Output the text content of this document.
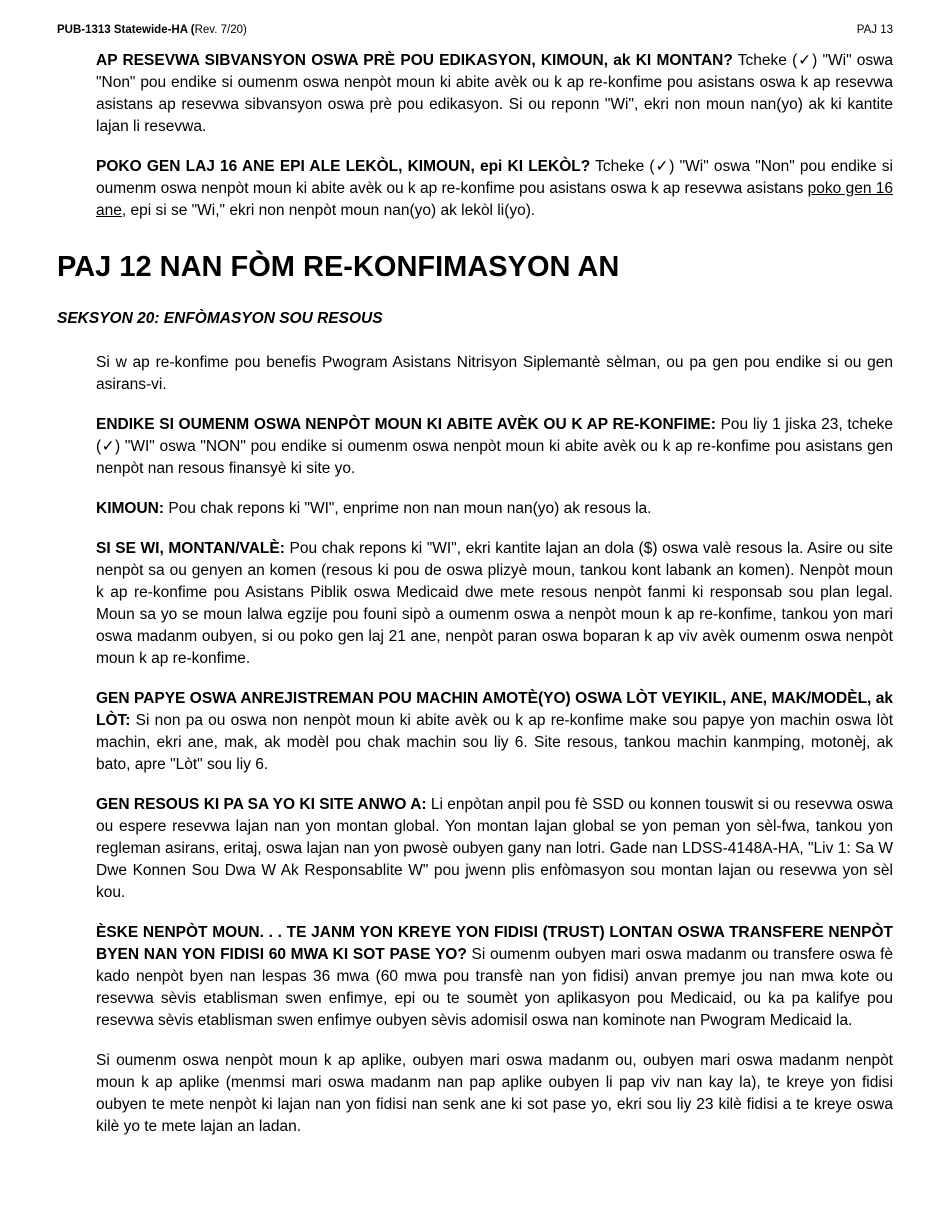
PUB-1313 Statewide-HA (Rev. 7/20)	PAJ 13

AP RESEVWA SIBVANSYON OSWA PRÈ POU EDIKASYON, KIMOUN, ak KI MONTAN? Tcheke (✓) "Wi" oswa "Non" pou endike si oumenm oswa nenpòt moun ki abite avèk ou k ap re-konfime pou asistans oswa k ap resevwa asistans ap resevwa sibvansyon oswa prè pou edikasyon. Si ou reponn "Wi", ekri non moun nan(yo) ak ki kantite lajan li resevwa.

POKO GEN LAJ 16 ANE EPI ALE LEKÒL, KIMOUN, epi KI LEKÒL? Tcheke (✓) "Wi" oswa "Non" pou endike si oumenm oswa nenpòt moun ki abite avèk ou k ap re-konfime pou asistans oswa k ap resevwa asistans poko gen 16 ane, epi si se "Wi," ekri non nenpòt moun nan(yo) ak lekòl li(yo).

PAJ 12 NAN FÒM RE-KONFIMASYON AN
SEKSYON 20: ENFÒMASYON SOU RESOUS

Si w ap re-konfime pou benefis Pwogram Asistans Nitrisyon Siplemantè sèlman, ou pa gen pou endike si ou gen asirans-vi.

ENDIKE SI OUMENM OSWA NENPÒT MOUN KI ABITE AVÈK OU K AP RE-KONFIME: Pou liy 1 jiska 23, tcheke (✓) "WI" oswa "NON" pou endike si oumenm oswa nenpòt moun ki abite avèk ou k ap re-konfime pou asistans gen nenpòt nan resous finansyè ki site yo.

KIMOUN: Pou chak repons ki "WI", enprime non nan moun nan(yo) ak resous la.

SI SE WI, MONTAN/VALÈ: Pou chak repons ki "WI", ekri kantite lajan an dola ($) oswa valè resous la. Asire ou site nenpòt sa ou genyen an komen (resous ki pou de oswa plizyè moun, tankou kont labank an komen). Nenpòt moun k ap re-konfime pou Asistans Piblik oswa Medicaid dwe mete resous nenpòt fanmi ki responsab sou plan legal. Moun sa yo se moun lalwa egzije pou founi sipò a oumenm oswa a nenpòt moun k ap re-konfime, tankou yon mari oswa madanm oubyen, si ou poko gen laj 21 ane, nenpòt paran oswa boparan k ap viv avèk oumenm oswa nenpòt moun k ap re-konfime.

GEN PAPYE OSWA ANREJISTREMAN POU MACHIN AMOTÈ(YO) OSWA LÒT VEYIKIL, ANE, MAK/MODÈL, ak LÒT: Si non pa ou oswa non nenpòt moun ki abite avèk ou k ap re-konfime make sou papye yon machin oswa lòt machin, ekri ane, mak, ak modèl pou chak machin sou liy 6. Site resous, tankou machin kanmping, motonèj, ak bato, apre "Lòt" sou liy 6.

GEN RESOUS KI PA SA YO KI SITE ANWO A: Li enpòtan anpil pou fè SSD ou konnen touswit si ou resevwa oswa ou espere resevwa lajan nan yon montan global. Yon montan lajan global se yon peman yon sèl-fwa, tankou yon regleman asirans, eritaj, oswa lajan nan yon pwosè oubyen gany nan lotri. Gade nan LDSS-4148A-HA, "Liv 1: Sa W Dwe Konnen Sou Dwa W Ak Responsablite W" pou jwenn plis enfòmasyon sou montan lajan ou resevwa yon sèl kou.

ÈSKE NENPÒT MOUN. . . TE JANM YON KREYE YON FIDISI (TRUST) LONTAN OSWA TRANSFERE NENPÒT BYEN NAN YON FIDISI 60 MWA KI SOT PASE YO? Si oumenm oubyen mari oswa madanm ou transfere oswa fè kado nenpòt byen nan lespas 36 mwa (60 mwa pou transfè nan yon fidisi) anvan premye jou nan mwa kote ou resevwa sèvis etablisman swen enfimye, epi ou te soumèt yon aplikasyon pou Medicaid, ou ka pa kalifye pou resevwa sèvis etablisman swen enfimye oubyen sèvis adomisil oswa nan kominote nan Pwogram Medicaid la.

Si oumenm oswa nenpòt moun k ap aplike, oubyen mari oswa madanm ou, oubyen mari oswa madanm nenpòt moun k ap aplike (menmsi mari oswa madanm nan pap aplike oubyen li pap viv nan kay la), te kreye yon fidisi oubyen te mete nenpòt ki lajan nan yon fidisi nan senk ane ki sot pase yo, ekri sou liy 23 kilè fidisi a te kreye oswa kilè yo te mete lajan an ladan.
